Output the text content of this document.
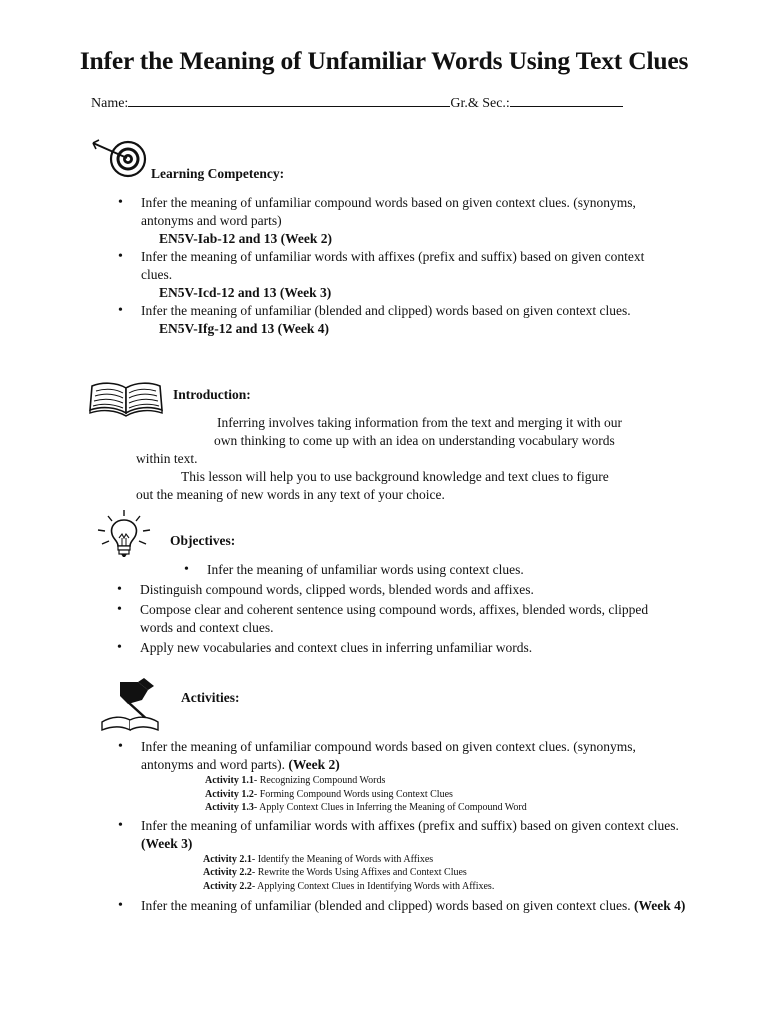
Infer the Meaning of Unfamiliar Words Using Text Clues
Name:	Gr.& Sec.:
Learning Competency:
• Infer the meaning of unfamiliar compound words based on given context clues. (synonyms, antonyms and word parts)
EN5V-Iab-12 and 13 (Week 2)
• Infer the meaning of unfamiliar words with affixes (prefix and suffix) based on given context clues.
EN5V-Icd-12 and 13 (Week 3)
• Infer the meaning of unfamiliar (blended and clipped) words based on given context clues.
EN5V-Ifg-12 and 13 (Week 4)
Introduction:
Inferring involves taking information from the text and merging it with our
own thinking to come up with an idea on understanding vocabulary words
within text.
This lesson will help you to use background knowledge and text clues to figure
out the meaning of new words in any text of your choice.
Objectives:
• Infer the meaning of unfamiliar words using context clues.
• Distinguish compound words, clipped words, blended words and affixes.
• Compose clear and coherent sentence using compound words, affixes, blended words, clipped words and context clues.
• Apply new vocabularies and context clues in inferring unfamiliar words.
Activities:
• Infer the meaning of unfamiliar compound words based on given context clues. (synonyms, antonyms and word parts). (Week 2)
Activity 1.1- Recognizing Compound Words
Activity 1.2- Forming Compound Words using Context Clues
Activity 1.3- Apply Context Clues in Inferring the Meaning of Compound Word
• Infer the meaning of unfamiliar words with affixes (prefix and suffix) based on given context clues. (Week 3)
Activity 2.1- Identify the Meaning of Words with Affixes
Activity 2.2- Rewrite the Words Using Affixes and Context Clues
Activity 2.2- Applying Context Clues in Identifying Words with Affixes.
• Infer the meaning of unfamiliar (blended and clipped) words based on given context clues. (Week 4)
